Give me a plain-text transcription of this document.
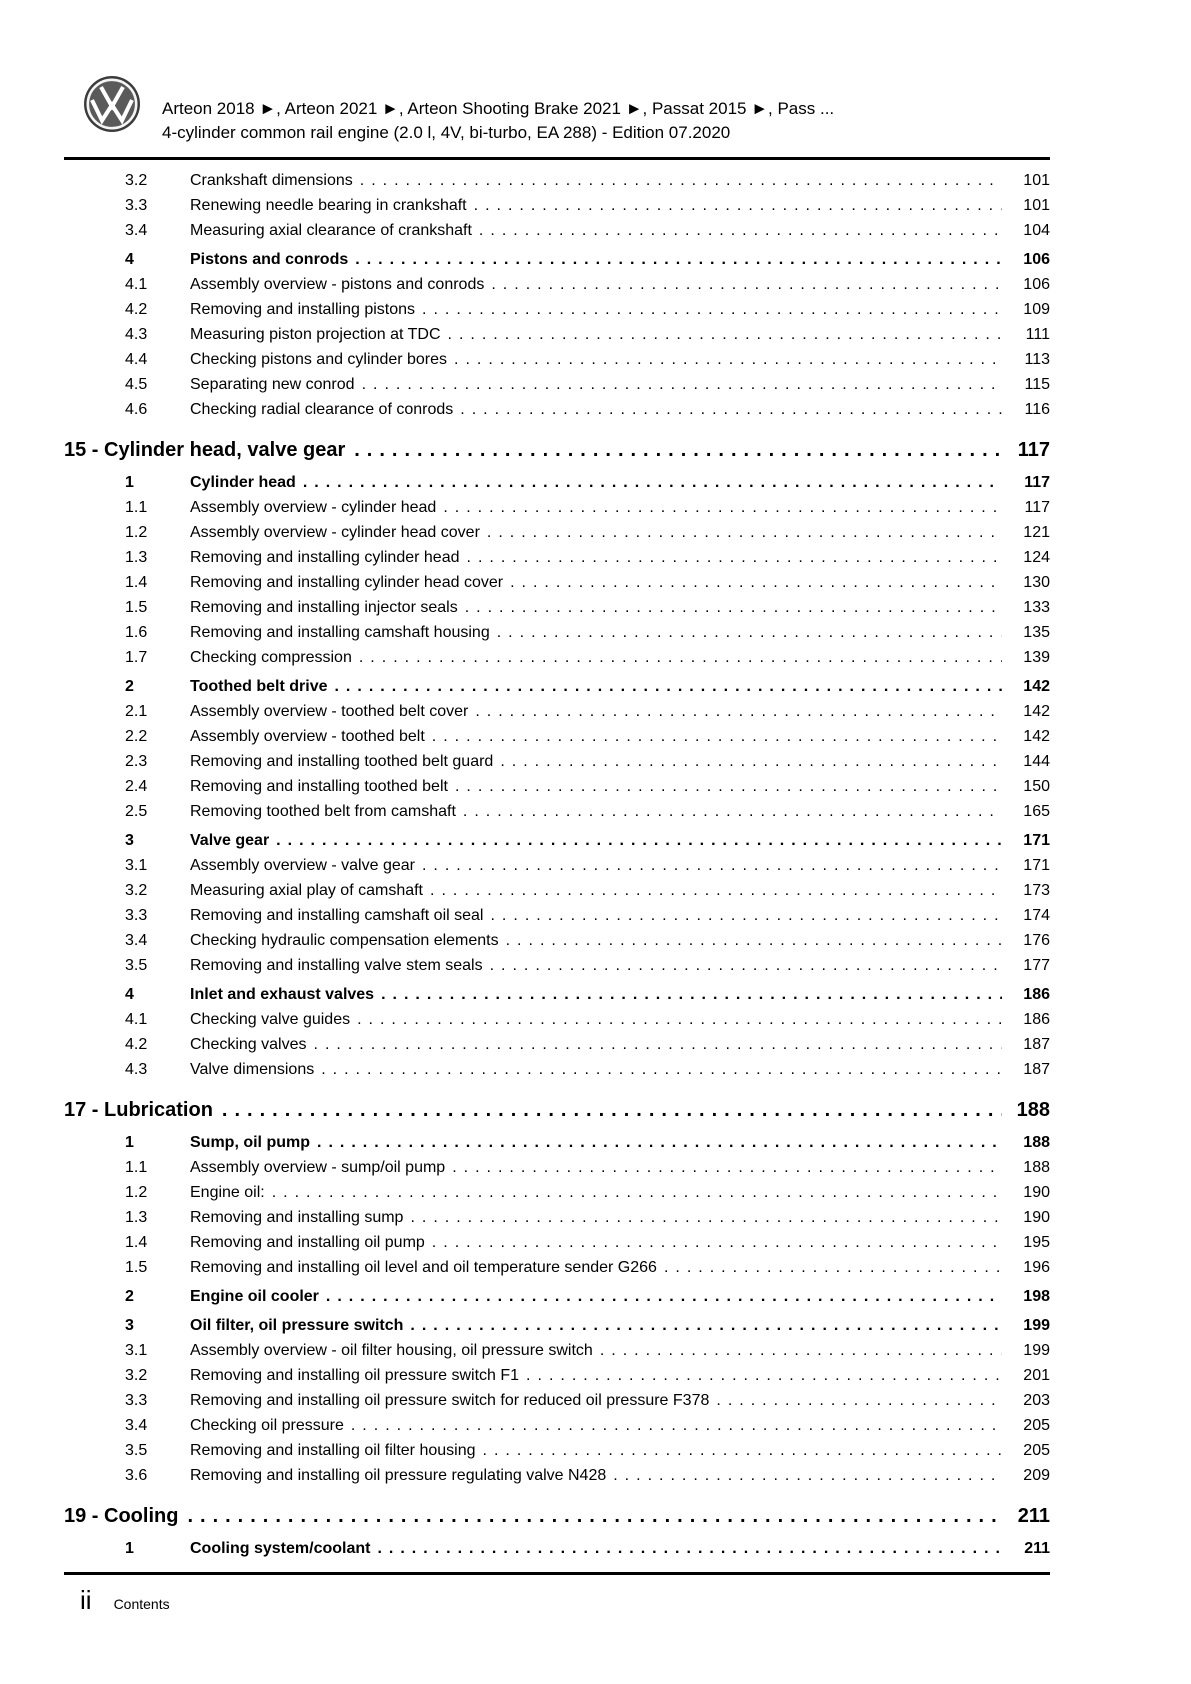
Arteon 2018 ►, Arteon 2021 ►, Arteon Shooting Brake 2021 ►, Passat 2015 ►, Pass ...
4-cylinder common rail engine (2.0 l, 4V, bi-turbo, EA 288) - Edition 07.2020
3.2	Crankshaft dimensions .....	101
3.3	Renewing needle bearing in crankshaft .....	101
3.4	Measuring axial clearance of crankshaft .....	104
4	Pistons and conrods .....	106
4.1	Assembly overview - pistons and conrods .....	106
4.2	Removing and installing pistons .....	109
4.3	Measuring piston projection at TDC .....	111
4.4	Checking pistons and cylinder bores .....	113
4.5	Separating new conrod .....	115
4.6	Checking radial clearance of conrods .....	116
15 - Cylinder head, valve gear .....	117
1	Cylinder head .....	117
1.1	Assembly overview - cylinder head .....	117
1.2	Assembly overview - cylinder head cover .....	121
1.3	Removing and installing cylinder head .....	124
1.4	Removing and installing cylinder head cover .....	130
1.5	Removing and installing injector seals .....	133
1.6	Removing and installing camshaft housing .....	135
1.7	Checking compression .....	139
2	Toothed belt drive .....	142
2.1	Assembly overview - toothed belt cover .....	142
2.2	Assembly overview - toothed belt .....	142
2.3	Removing and installing toothed belt guard .....	144
2.4	Removing and installing toothed belt .....	150
2.5	Removing toothed belt from camshaft .....	165
3	Valve gear .....	171
3.1	Assembly overview - valve gear .....	171
3.2	Measuring axial play of camshaft .....	173
3.3	Removing and installing camshaft oil seal .....	174
3.4	Checking hydraulic compensation elements .....	176
3.5	Removing and installing valve stem seals .....	177
4	Inlet and exhaust valves .....	186
4.1	Checking valve guides .....	186
4.2	Checking valves .....	187
4.3	Valve dimensions .....	187
17 - Lubrication .....	188
1	Sump, oil pump .....	188
1.1	Assembly overview - sump/oil pump .....	188
1.2	Engine oil: .....	190
1.3	Removing and installing sump .....	190
1.4	Removing and installing oil pump .....	195
1.5	Removing and installing oil level and oil temperature sender G266 .....	196
2	Engine oil cooler .....	198
3	Oil filter, oil pressure switch .....	199
3.1	Assembly overview - oil filter housing, oil pressure switch .....	199
3.2	Removing and installing oil pressure switch F1 .....	201
3.3	Removing and installing oil pressure switch for reduced oil pressure F378 .....	203
3.4	Checking oil pressure .....	205
3.5	Removing and installing oil filter housing .....	205
3.6	Removing and installing oil pressure regulating valve N428 .....	209
19 - Cooling .....	211
1	Cooling system/coolant .....	211
ii Contents
